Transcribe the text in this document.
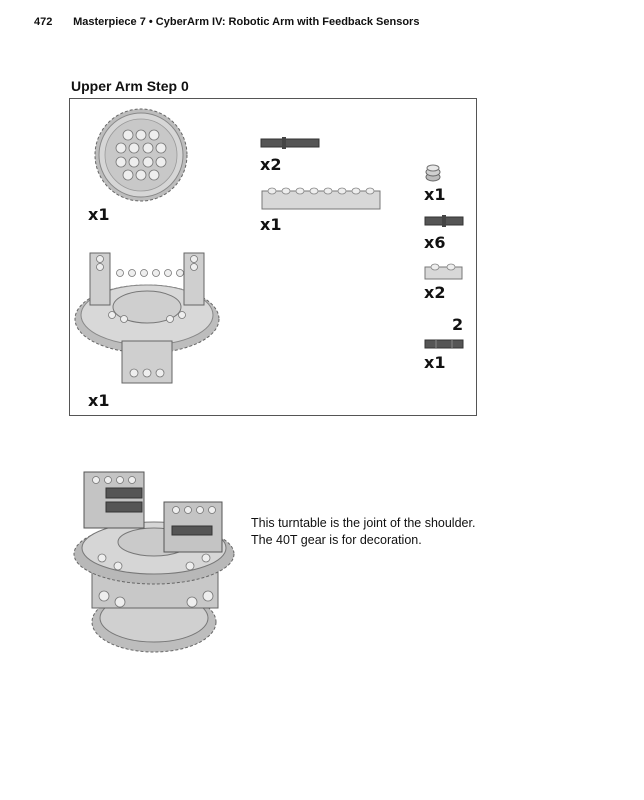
472 Masterpiece 7 • CyberArm IV: Robotic Arm with Feedback Sensors
Upper Arm Step 0
x1
x1
x2
x1
x1
x6
x2
2
x1
This turntable is the joint of the shoulder.
The 40T gear is for decoration.
